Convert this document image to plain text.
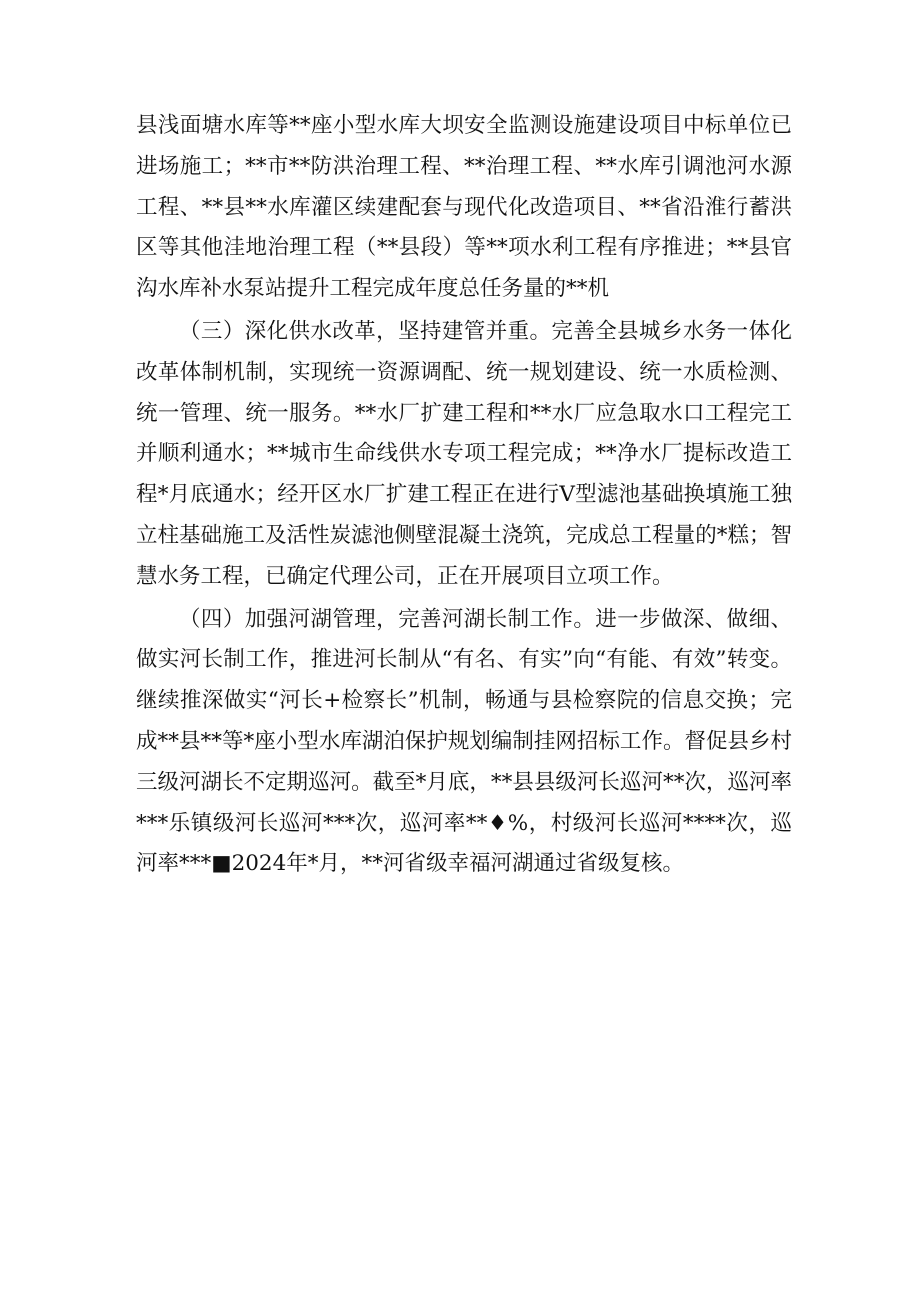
县浅面塘水库等**座小型水库大坝安全监测设施建设项目中标单位已进场施工；**市**防洪治理工程、**治理工程、**水库引调池河水源工程、**县**水库灌区续建配套与现代化改造项目、**省沿淮行蓄洪区等其他洼地治理工程（**县段）等**项水利工程有序推进；**县官沟水库补水泵站提升工程完成年度总任务量的**机

（三）深化供水改革，坚持建管并重。完善全县城乡水务一体化改革体制机制，实现统一资源调配、统一规划建设、统一水质检测、统一管理、统一服务。**水厂扩建工程和**水厂应急取水口工程完工并顺利通水；**城市生命线供水专项工程完成；**净水厂提标改造工程*月底通水；经开区水厂扩建工程正在进行V型滤池基础换填施工独立柱基础施工及活性炭滤池侧壁混凝土浇筑，完成总工程量的*糕；智慧水务工程，已确定代理公司，正在开展项目立项工作。

（四）加强河湖管理，完善河湖长制工作。进一步做深、做细、做实河长制工作，推进河长制从“有名、有实”向“有能、有效”转变。继续推深做实“河长+检察长”机制，畅通与县检察院的信息交换；完成**县**等*座小型水库湖泊保护规划编制挂网招标工作。督促县乡村三级河湖长不定期巡河。截至*月底，**县县级河长巡河**次，巡河率***乐镇级河长巡河***次，巡河率**♦%，村级河长巡河****次，巡河率***■2024年*月，**河省级幸福河湖通过省级复核。
